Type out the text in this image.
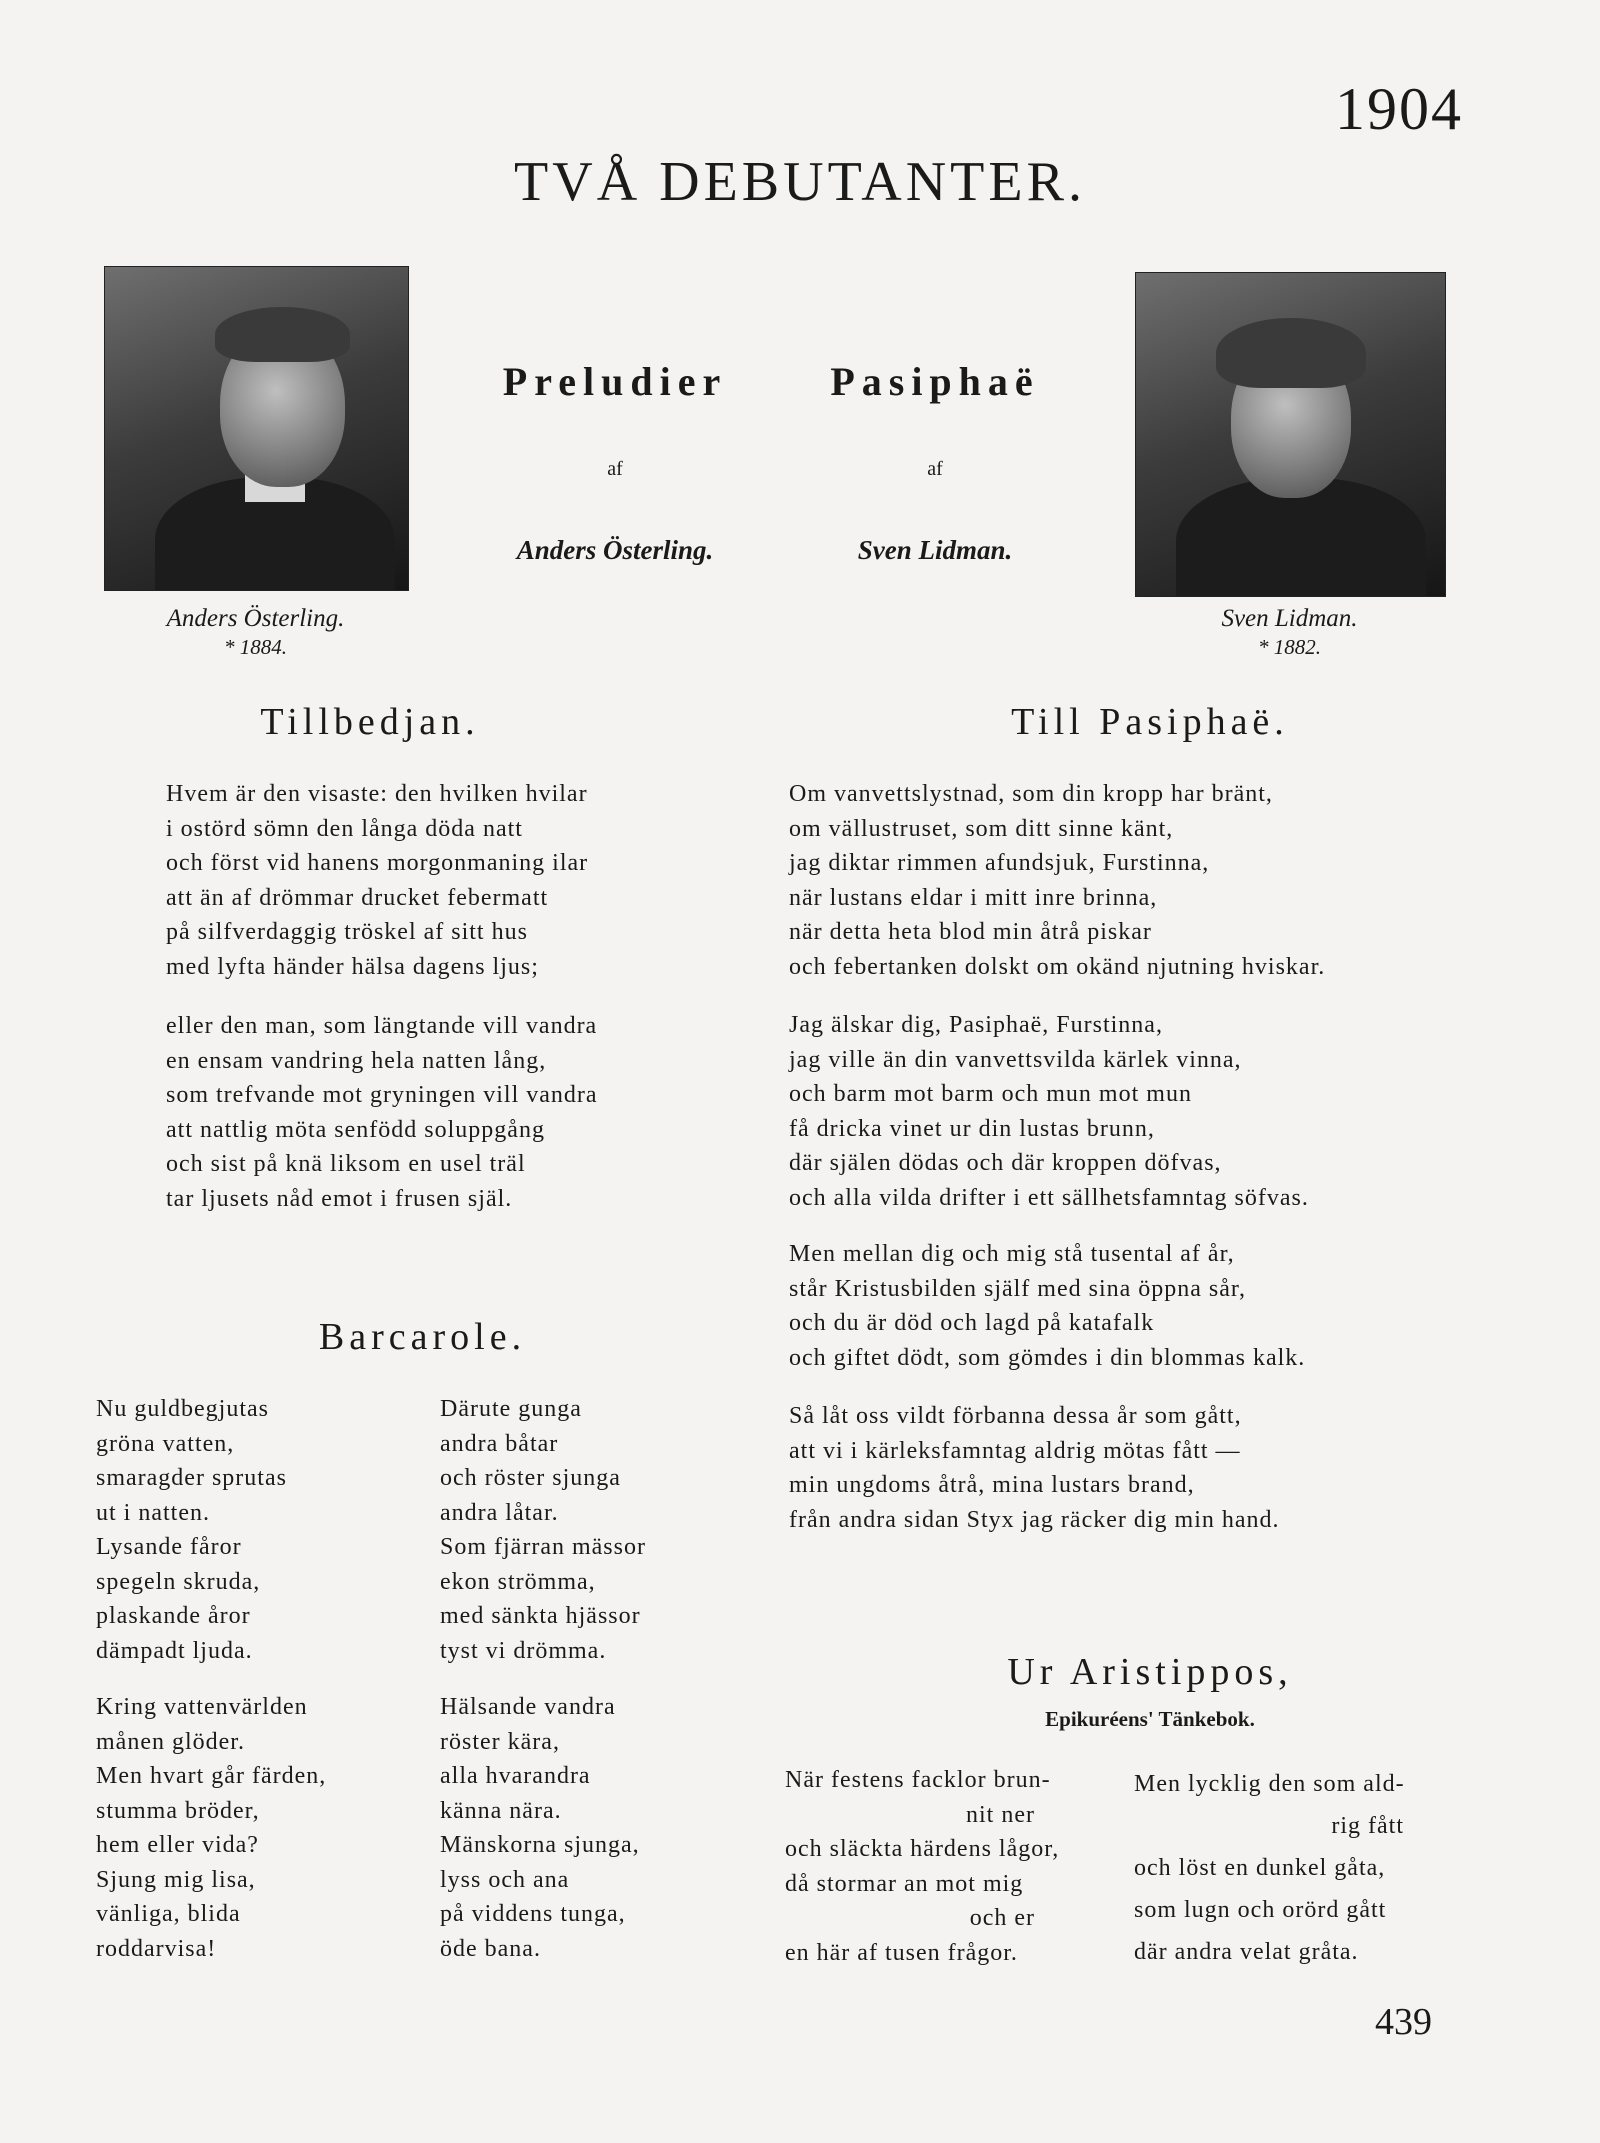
1904
TVÅ DEBUTANTER.
Anders Österling.
* 1884.
Sven Lidman.
* 1882.
Preludier
af
Anders Österling.
Pasiphaë
af
Sven Lidman.
Tillbedjan.
Hvem är den visaste: den hvilken hvilar
i ostörd sömn den långa döda natt
och först vid hanens morgonmaning ilar
att än af drömmar drucket febermatt
på silfverdaggig tröskel af sitt hus
med lyfta händer hälsa dagens ljus;
eller den man, som längtande vill vandra
en ensam vandring hela natten lång,
som trefvande mot gryningen vill vandra
att nattlig möta senfödd soluppgång
och sist på knä liksom en usel träl
tar ljusets nåd emot i frusen själ.
Till Pasiphaë.
Om vanvettslystnad, som din kropp har bränt,
om vällustruset, som ditt sinne känt,
jag diktar rimmen afundsjuk, Furstinna,
när lustans eldar i mitt inre brinna,
när detta heta blod min åtrå piskar
och febertanken dolskt om okänd njutning hviskar.
Jag älskar dig, Pasiphaë, Furstinna,
jag ville än din vanvettsvilda kärlek vinna,
och barm mot barm och mun mot mun
få dricka vinet ur din lustas brunn,
där själen dödas och där kroppen döfvas,
och alla vilda drifter i ett sällhetsfamntag söfvas.
Men mellan dig och mig stå tusental af år,
står Kristusbilden själf med sina öppna sår,
och du är död och lagd på katafalk
och giftet dödt, som gömdes i din blommas kalk.
Så låt oss vildt förbanna dessa år som gått,
att vi i kärleksfamntag aldrig mötas fått —
min ungdoms åtrå, mina lustars brand,
från andra sidan Styx jag räcker dig min hand.
Barcarole.
Nu guldbegjutas
gröna vatten,
smaragder sprutas
ut i natten.
Lysande fåror
spegeln skruda,
plaskande åror
dämpadt ljuda.
Kring vattenvärlden
månen glöder.
Men hvart går färden,
stumma bröder,
hem eller vida?
Sjung mig lisa,
vänliga, blida
roddarvisa!
Därute gunga
andra båtar
och röster sjunga
andra låtar.
Som fjärran mässor
ekon strömma,
med sänkta hjässor
tyst vi drömma.
Hälsande vandra
röster kära,
alla hvarandra
känna nära.
Mänskorna sjunga,
lyss och ana
på viddens tunga,
öde bana.
Ur Aristippos,
Epikuréens' Tänkebok.
När festens facklor brun-
nit ner
och släckta härdens lågor,
då stormar an mot mig
och er
en här af tusen frågor.
Men lycklig den som ald-
rig fått
och löst en dunkel gåta,
som lugn och orörd gått
där andra velat gråta.
439
